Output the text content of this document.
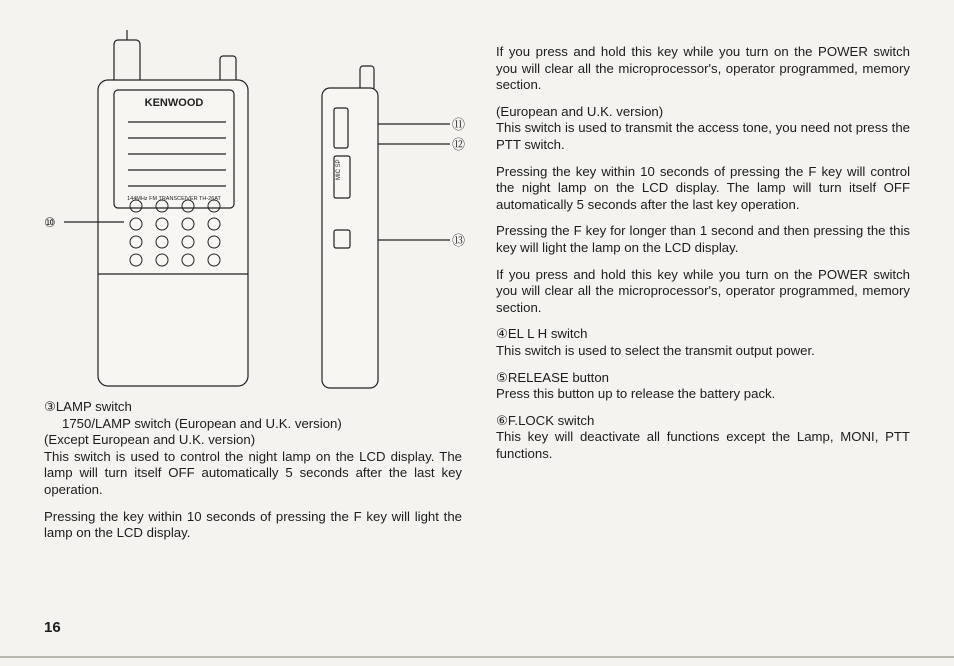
KENWOOD
144MHz FM TRANSCEIVER TH-26AT
MIC SP
⑩
⑪
⑫
⑬

If you press and hold this key while you turn on the POWER switch you will clear all the microprocessor's, operator programmed, memory section.

(European and U.K. version)

This switch is used to transmit the access tone, you need not press the PTT switch.

Pressing the key within 10 seconds of pressing the F key will control the night lamp on the LCD display. The lamp will turn itself OFF automatically 5 seconds after the last key operation.

Pressing the F key for longer than 1 second and then pressing the this key will light the lamp on the LCD display.

If you press and hold this key while you turn on the POWER switch you will clear all the microprocessor's, operator programmed, memory section.

④EL L H switch

This switch is used to select the transmit output power.

⑤RELEASE button

Press this button up to release the battery pack.

⑥F.LOCK switch

This key will deactivate all functions except the Lamp, MONI, PTT functions.

③LAMP switch

1750/LAMP switch (European and U.K. version)

(Except European and U.K. version)

This switch is used to control the night lamp on the LCD display. The lamp will turn itself OFF automatically 5 seconds after the last key operation.

Pressing the key within 10 seconds of pressing the F key will light the lamp on the LCD display.

16
